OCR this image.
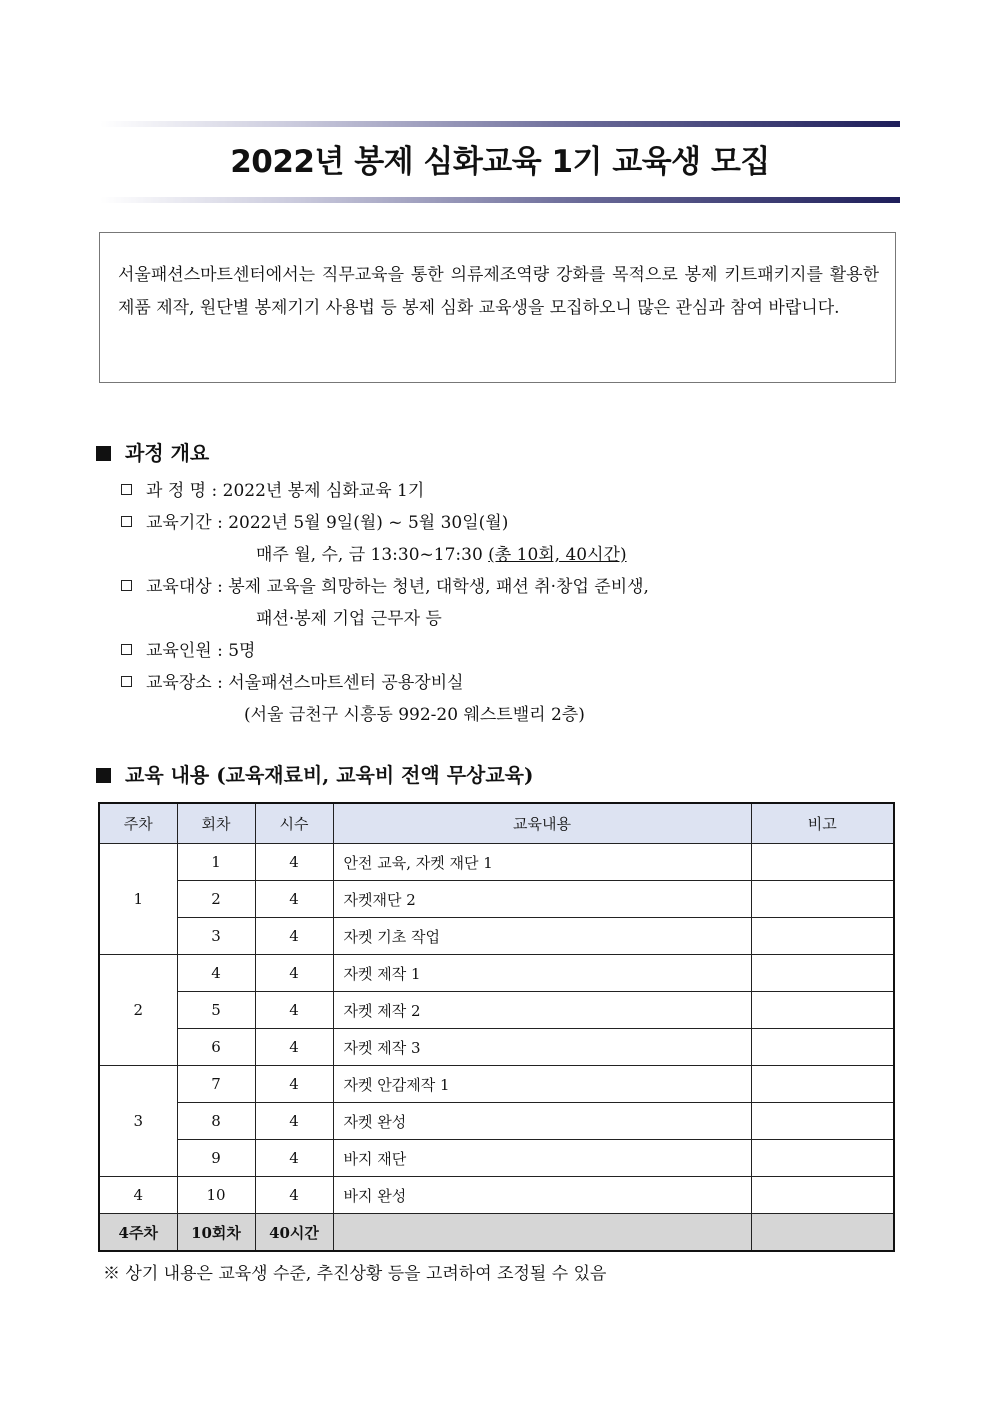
2022년 봉제 심화교육 1기 교육생 모집
서울패션스마트센터에서는 직무교육을 통한 의류제조역량 강화를 목적으로 봉제 키트패키지를 활용한 제품 제작, 원단별 봉제기기 사용법 등 봉제 심화 교육생을 모집하오니 많은 관심과 참여 바랍니다.
과정 개요
과 정 명 : 2022년 봉제 심화교육 1기
교육기간 : 2022년 5월 9일(월) ~ 5월 30일(월)
매주 월, 수, 금 13:30~17:30 (총 10회, 40시간)
교육대상 : 봉제 교육을 희망하는 청년, 대학생, 패션 취·창업 준비생,
패션·봉제 기업 근무자 등
교육인원 : 5명
교육장소 : 서울패션스마트센터 공용장비실
(서울 금천구 시흥동 992-20 웨스트밸리 2층)
교육 내용 (교육재료비, 교육비 전액 무상교육)
주차	회차	시수	교육내용	비고
1	1	4	안전 교육, 자켓 재단 1	
	2	4	자켓재단 2	
	3	4	자켓 기초 작업	
2	4	4	자켓 제작 1	
	5	4	자켓 제작 2	
	6	4	자켓 제작 3	
3	7	4	자켓 안감제작 1	
	8	4	자켓 완성	
	9	4	바지 재단	
4	10	4	바지 완성	
4주차	10회차	40시간		
※ 상기 내용은 교육생 수준, 추진상황 등을 고려하여 조정될 수 있음
